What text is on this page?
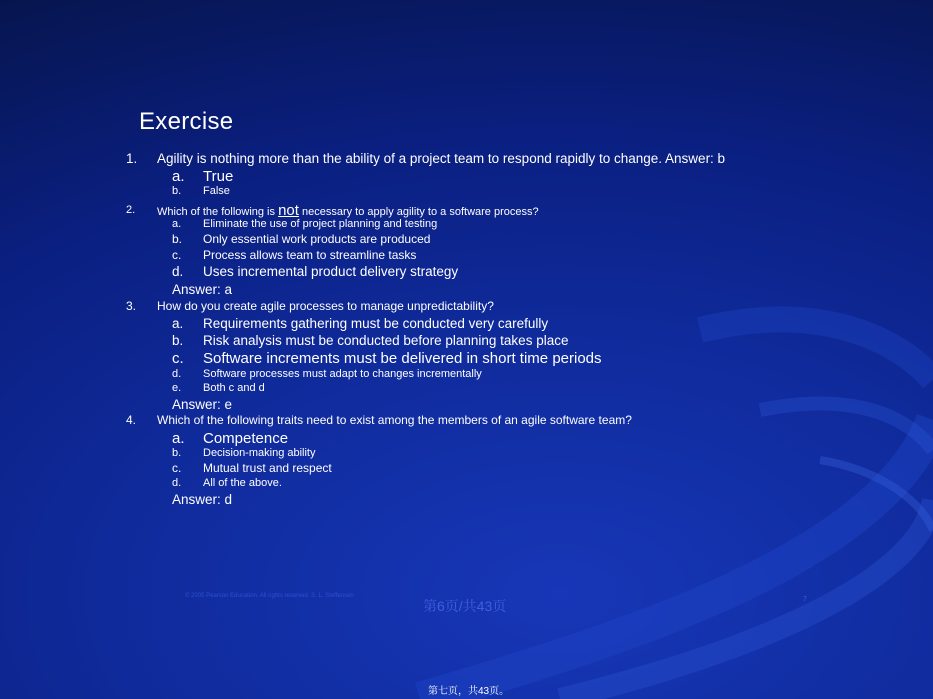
Exercise
1. Agility is nothing more than the ability of a project team to respond rapidly to change. Answer: b
a. True
b. False
2. Which of the following is not necessary to apply agility to a software process?
a. Eliminate the use of project planning and testing
b. Only essential work products are produced
c. Process allows team to streamline tasks
d. Uses incremental product delivery strategy
Answer: a
3. How do you create agile processes to manage unpredictability?
a. Requirements gathering must be conducted very carefully
b. Risk analysis must be conducted before planning takes place
c. Software increments must be delivered in short time periods
d. Software processes must adapt to changes incrementally
e. Both c and d
Answer: e
4. Which of the following traits need to exist among the members of an agile software team?
a. Competence
b. Decision-making ability
c. Mutual trust and respect
d. All of the above.
Answer: d
© 2005 Pearson Education. All rights reserved. S. L. Steffensen
第6页/共43页	7
第七页，共43页。
